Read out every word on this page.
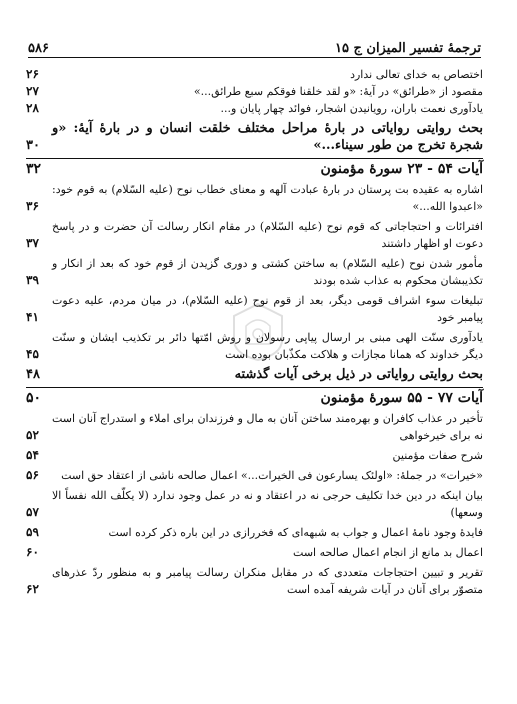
ترجمهٔ تفسیر المیزان ج ۱۵
۵۸۶
اختصاص به خدای تعالی ندارد
۲۶
مقصود از «طرائق» در آیهٔ: «و لقد خلقنا فوقکم سبع طرائق...»
۲۷
یادآوری نعمت باران، رویانیدن اشجار، فوائد چهار پایان و...
۲۸
بحث روایتی روایاتی در بارهٔ مراحل مختلف خلقت انسان و در بارهٔ آیهٔ: «و شجرة تخرج من طور سیناء...»
۳۰
آیات ۵۴ - ۲۳ سورهٔ مؤمنون
۳۲
اشاره به عقیده بت پرستان در بارهٔ عبادت آلهه و معنای خطاب نوح (علیه السّلام) به قوم خود: «اعبدوا الله...»
۳۶
افترائات و احتجاجاتی که قوم نوح (علیه السّلام) در مقام انکار رسالت آن حضرت و در پاسخ دعوت او اظهار داشتند
۳۷
مأمور شدن نوح (علیه السّلام) به ساختن کشتی و دوری گزیدن از قوم خود که بعد از انکار و تکذیبشان محکوم به عذاب شده بودند
۳۹
تبلیغات سوء اشراف قومی دیگر، بعد از قوم نوح (علیه السّلام)، در میان مردم، علیه دعوت پیامبر خود
۴۱
یادآوری سنّت الهی مبنی بر ارسال پیاپی رسولان و روش امّتها دائر بر تکذیب ایشان و سنّت دیگر خداوند که همانا مجازات و هلاکت مکذّبان بوده است
۴۵
بحث روایتی روایاتی در ذیل برخی آیات گذشته
۴۸
آیات ۷۷ - ۵۵ سورهٔ مؤمنون
۵۰
تأخیر در عذاب کافران و بهره‌مند ساختن آنان به مال و فرزندان برای املاء و استدراج آنان است نه برای خیرخواهی
۵۲
شرح صفات مؤمنین
۵۴
«خیرات» در جملهٔ: «اولئک یسارعون فی الخیرات...» اعمال صالحه ناشی از اعتقاد حق است
۵۶
بیان اینکه در دین خدا تکلیف حرجی نه در اعتقاد و نه در عمل وجود ندارد (لا یکلّف الله نفساً الا وسعها)
۵۷
فایدهٔ وجود نامهٔ اعمال و جواب به شبهه‌ای که فخررازی در این باره ذکر کرده است
۵۹
اعمال بد مانع از انجام اعمال صالحه است
۶۰
تقریر و تبیین احتجاجات متعددی که در مقابل منکران رسالت پیامبر و به منظور ردّ عذرهای متصوّر برای آنان در آیات شریفه آمده است
۶۲
